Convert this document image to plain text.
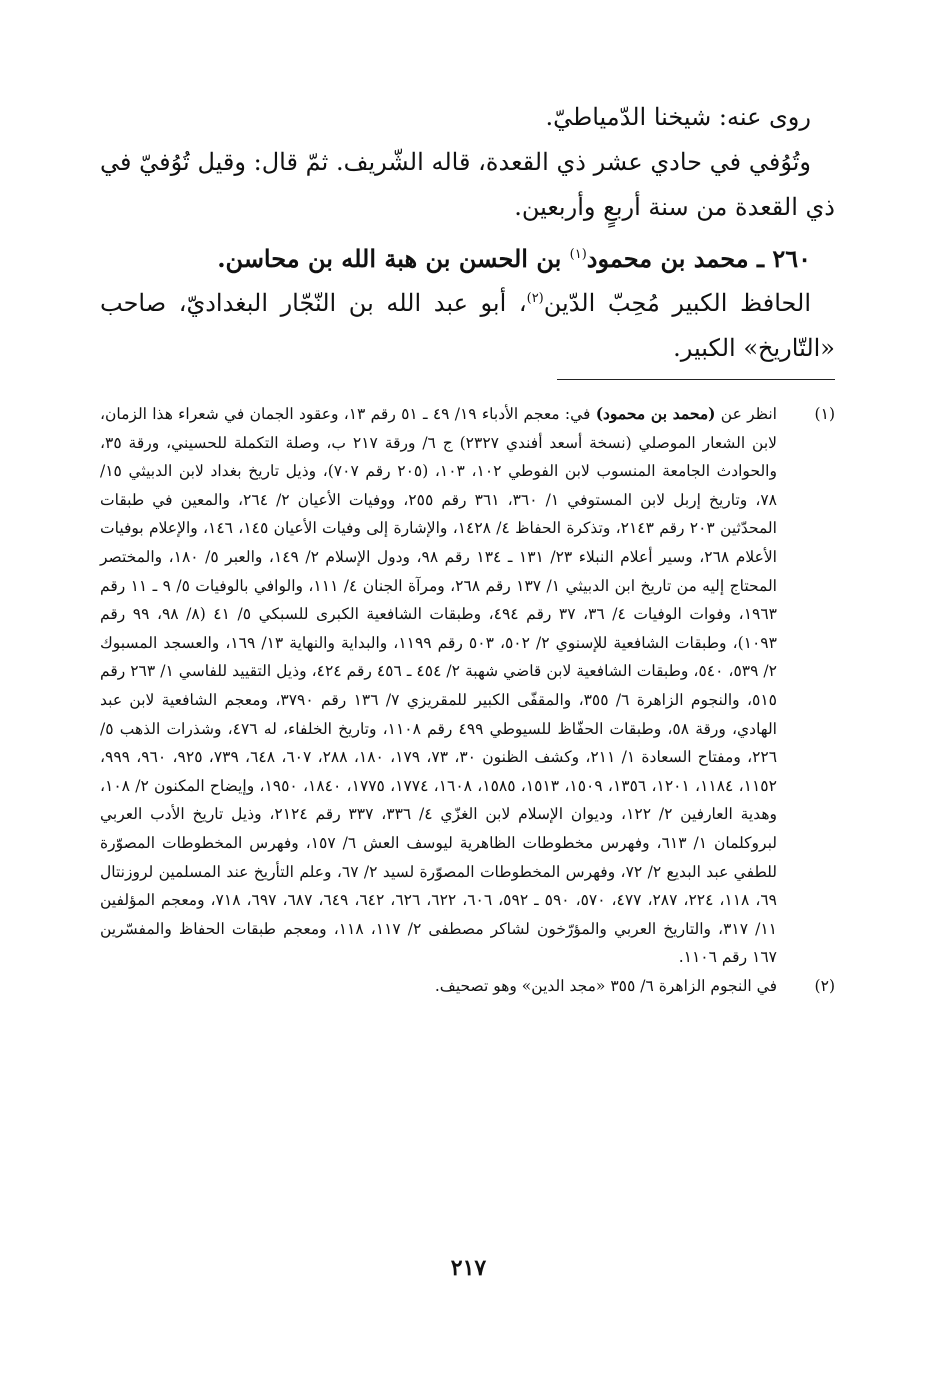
روى عنه: شيخنا الدّمياطيّ.

وتُوُفي في حادي عشر ذي القعدة، قاله الشّريف. ثمّ قال: وقيل تُوُفيّ في ذي القعدة من سنة أربعٍ وأربعين.

٢٦٠ ـ محمد بن محمود$^{(١)}$ بن الحسن بن هبة الله بن محاسن.

الحافظ الكبير مُحِبّ الدّين$^{(٢)}$، أبو عبد الله بن النّجّار البغداديّ، صاحب «التّاريخ» الكبير.

(١)
انظر عن (محمد بن محمود) في: معجم الأدباء ١٩/ ٤٩ ـ ٥١ رقم ١٣، وعقود الجمان في شعراء هذا الزمان، لابن الشعار الموصلي (نسخة أسعد أفندي ٢٣٢٧) ج ٦/ ورقة ٢١٧ ب، وصلة التكملة للحسيني، ورقة ٣٥، والحوادث الجامعة المنسوب لابن الفوطي ١٠٢، ١٠٣، (٢٠٥ رقم ٧٠٧)، وذيل تاريخ بغداد لابن الدبيثي ١٥/ ٧٨، وتاريخ إربل لابن المستوفي ١/ ٣٦٠، ٣٦١ رقم ٢٥٥، ووفيات الأعيان ٢/ ٢٦٤، والمعين في طبقات المحدّثين ٢٠٣ رقم ٢١٤٣، وتذكرة الحفاظ ٤/ ١٤٢٨، والإشارة إلى وفيات الأعيان ١٤٥، ١٤٦، والإعلام بوفيات الأعلام ٢٦٨، وسير أعلام النبلاء ٢٣/ ١٣١ ـ ١٣٤ رقم ٩٨، ودول الإسلام ٢/ ١٤٩، والعبر ٥/ ١٨٠، والمختصر المحتاج إليه من تاريخ ابن الدبيثي ١/ ١٣٧ رقم ٢٦٨، ومرآة الجنان ٤/ ١١١، والوافي بالوفيات ٥/ ٩ ـ ١١ رقم ١٩٦٣، وفوات الوفيات ٤/ ٣٦، ٣٧ رقم ٤٩٤، وطبقات الشافعية الكبرى للسبكي ٥/ ٤١ (٨/ ٩٨، ٩٩ رقم ١٠٩٣)، وطبقات الشافعية للإسنوي ٢/ ٥٠٢، ٥٠٣ رقم ١١٩٩، والبداية والنهاية ١٣/ ١٦٩، والعسجد المسبوك ٢/ ٥٣٩، ٥٤٠، وطبقات الشافعية لابن قاضي شهبة ٢/ ٤٥٤ ـ ٤٥٦ رقم ٤٢٤، وذيل التقييد للفاسي ١/ ٢٦٣ رقم ٥١٥، والنجوم الزاهرة ٦/ ٣٥٥، والمقفّى الكبير للمقريزي ٧/ ١٣٦ رقم ٣٧٩٠، ومعجم الشافعية لابن عبد الهادي، ورقة ٥٨، وطبقات الحفّاظ للسيوطي ٤٩٩ رقم ١١٠٨، وتاريخ الخلفاء، له ٤٧٦، وشذرات الذهب ٥/ ٢٢٦، ومفتاح السعادة ١/ ٢١١، وكشف الظنون ٣٠، ٧٣، ١٧٩، ١٨٠، ٢٨٨، ٦٠٧، ٦٤٨، ٧٣٩، ٩٢٥، ٩٦٠، ٩٩٩، ١١٥٢، ١١٨٤، ١٢٠١، ١٣٥٦، ١٥٠٩، ١٥١٣، ١٥٨٥، ١٦٠٨، ١٧٧٤، ١٧٧٥، ١٨٤٠، ١٩٥٠، وإيضاح المكنون ٢/ ١٠٨، وهدية العارفين ٢/ ١٢٢، وديوان الإسلام لابن الغزّي ٤/ ٣٣٦، ٣٣٧ رقم ٢١٢٤، وذيل تاريخ الأدب العربي لبروكلمان ١/ ٦١٣، وفهرس مخطوطات الظاهرية ليوسف العش ٦/ ١٥٧، وفهرس المخطوطات المصوّرة للطفي عبد البديع ٢/ ٧٢، وفهرس المخطوطات المصوّرة لسيد ٢/ ٦٧، وعلم التأريخ عند المسلمين لروزنتال ٦٩، ١١٨، ٢٢٤، ٢٨٧، ٤٧٧، ٥٧٠، ٥٩٠ ـ ٥٩٢، ٦٠٦، ٦٢٢، ٦٢٦، ٦٤٢، ٦٤٩، ٦٨٧، ٦٩٧، ٧١٨، ومعجم المؤلفين ١١/ ٣١٧، والتاريخ العربي والمؤرّخون لشاكر مصطفى ٢/ ١١٧، ١١٨، ومعجم طبقات الحفاظ والمفسّرين ١٦٧ رقم ١١٠٦.
(٢)
في النجوم الزاهرة ٦/ ٣٥٥ «مجد الدين» وهو تصحيف.
٢١٧
